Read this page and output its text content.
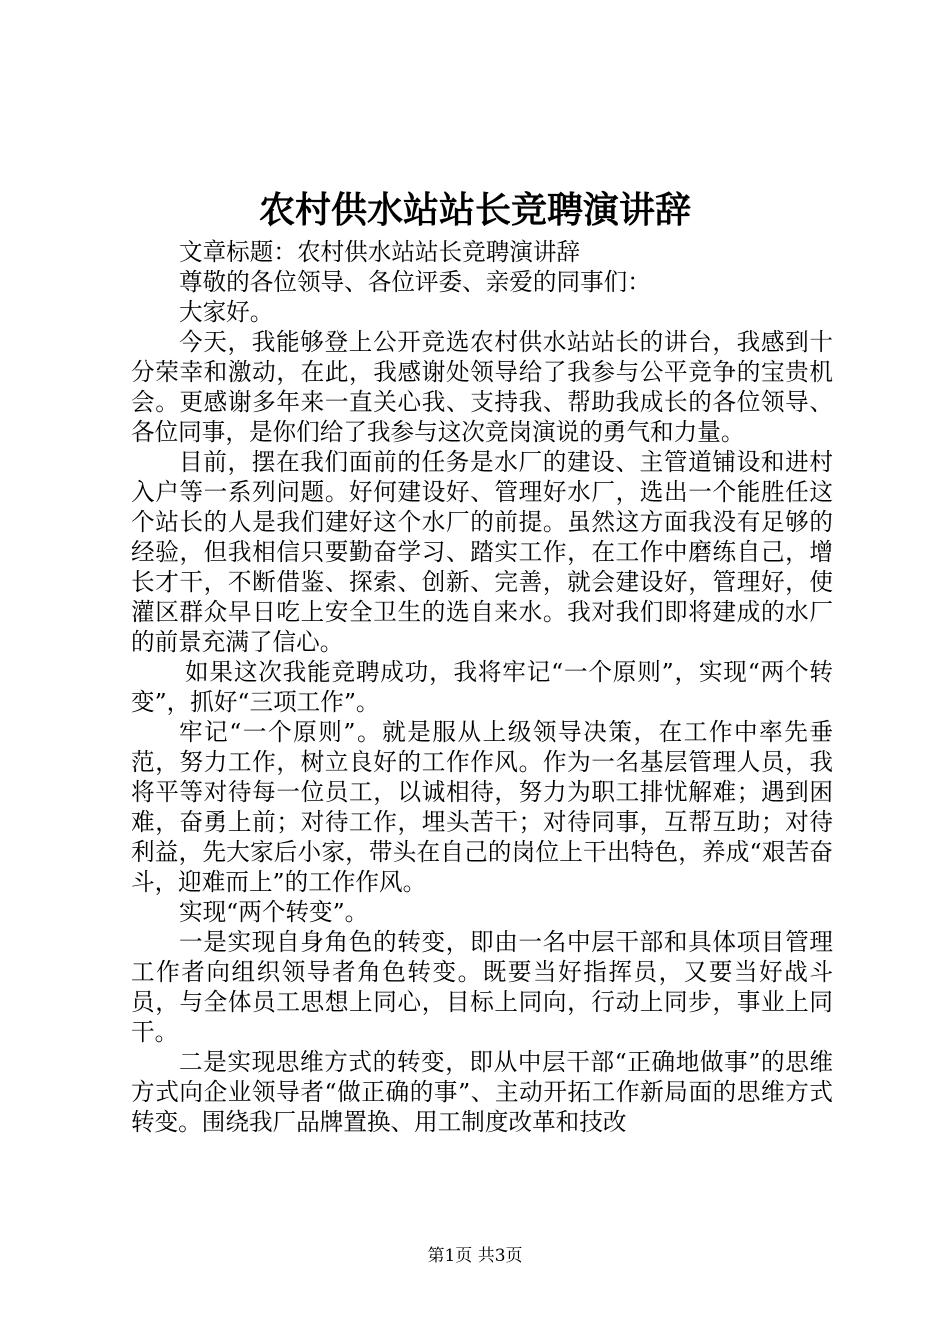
农村供水站站长竞聘演讲辞

文章标题：农村供水站站长竞聘演讲辞

尊敬的各位领导、各位评委、亲爱的同事们：

大家好。

今天，我能够登上公开竞选农村供水站站长的讲台，我感到十分荣幸和激动，在此，我感谢处领导给了我参与公平竞争的宝贵机会。更感谢多年来一直关心我、支持我、帮助我成长的各位领导、各位同事，是你们给了我参与这次竞岗演说的勇气和力量。

目前，摆在我们面前的任务是水厂的建设、主管道铺设和进村入户等一系列问题。好何建设好、管理好水厂，选出一个能胜任这个站长的人是我们建好这个水厂的前提。虽然这方面我没有足够的经验，但我相信只要勤奋学习、踏实工作，在工作中磨练自己，增长才干，不断借鉴、探索、创新、完善，就会建设好，管理好，使灌区群众早日吃上安全卫生的选自来水。我对我们即将建成的水厂的前景充满了信心。

如果这次我能竞聘成功，我将牢记“一个原则”，实现“两个转变”，抓好“三项工作”。

牢记“一个原则”。就是服从上级领导决策，在工作中率先垂范，努力工作，树立良好的工作作风。作为一名基层管理人员，我将平等对待每一位员工，以诚相待，努力为职工排忧解难；遇到困难，奋勇上前；对待工作，埋头苦干；对待同事，互帮互助；对待利益，先大家后小家，带头在自己的岗位上干出特色，养成“艰苦奋斗，迎难而上”的工作作风。

实现“两个转变”。

一是实现自身角色的转变，即由一名中层干部和具体项目管理工作者向组织领导者角色转变。既要当好指挥员，又要当好战斗员，与全体员工思想上同心，目标上同向，行动上同步，事业上同干。

二是实现思维方式的转变，即从中层干部“正确地做事”的思维方式向企业领导者“做正确的事”、主动开拓工作新局面的思维方式转变。围绕我厂品牌置换、用工制度改革和技改

第1页 共3页
